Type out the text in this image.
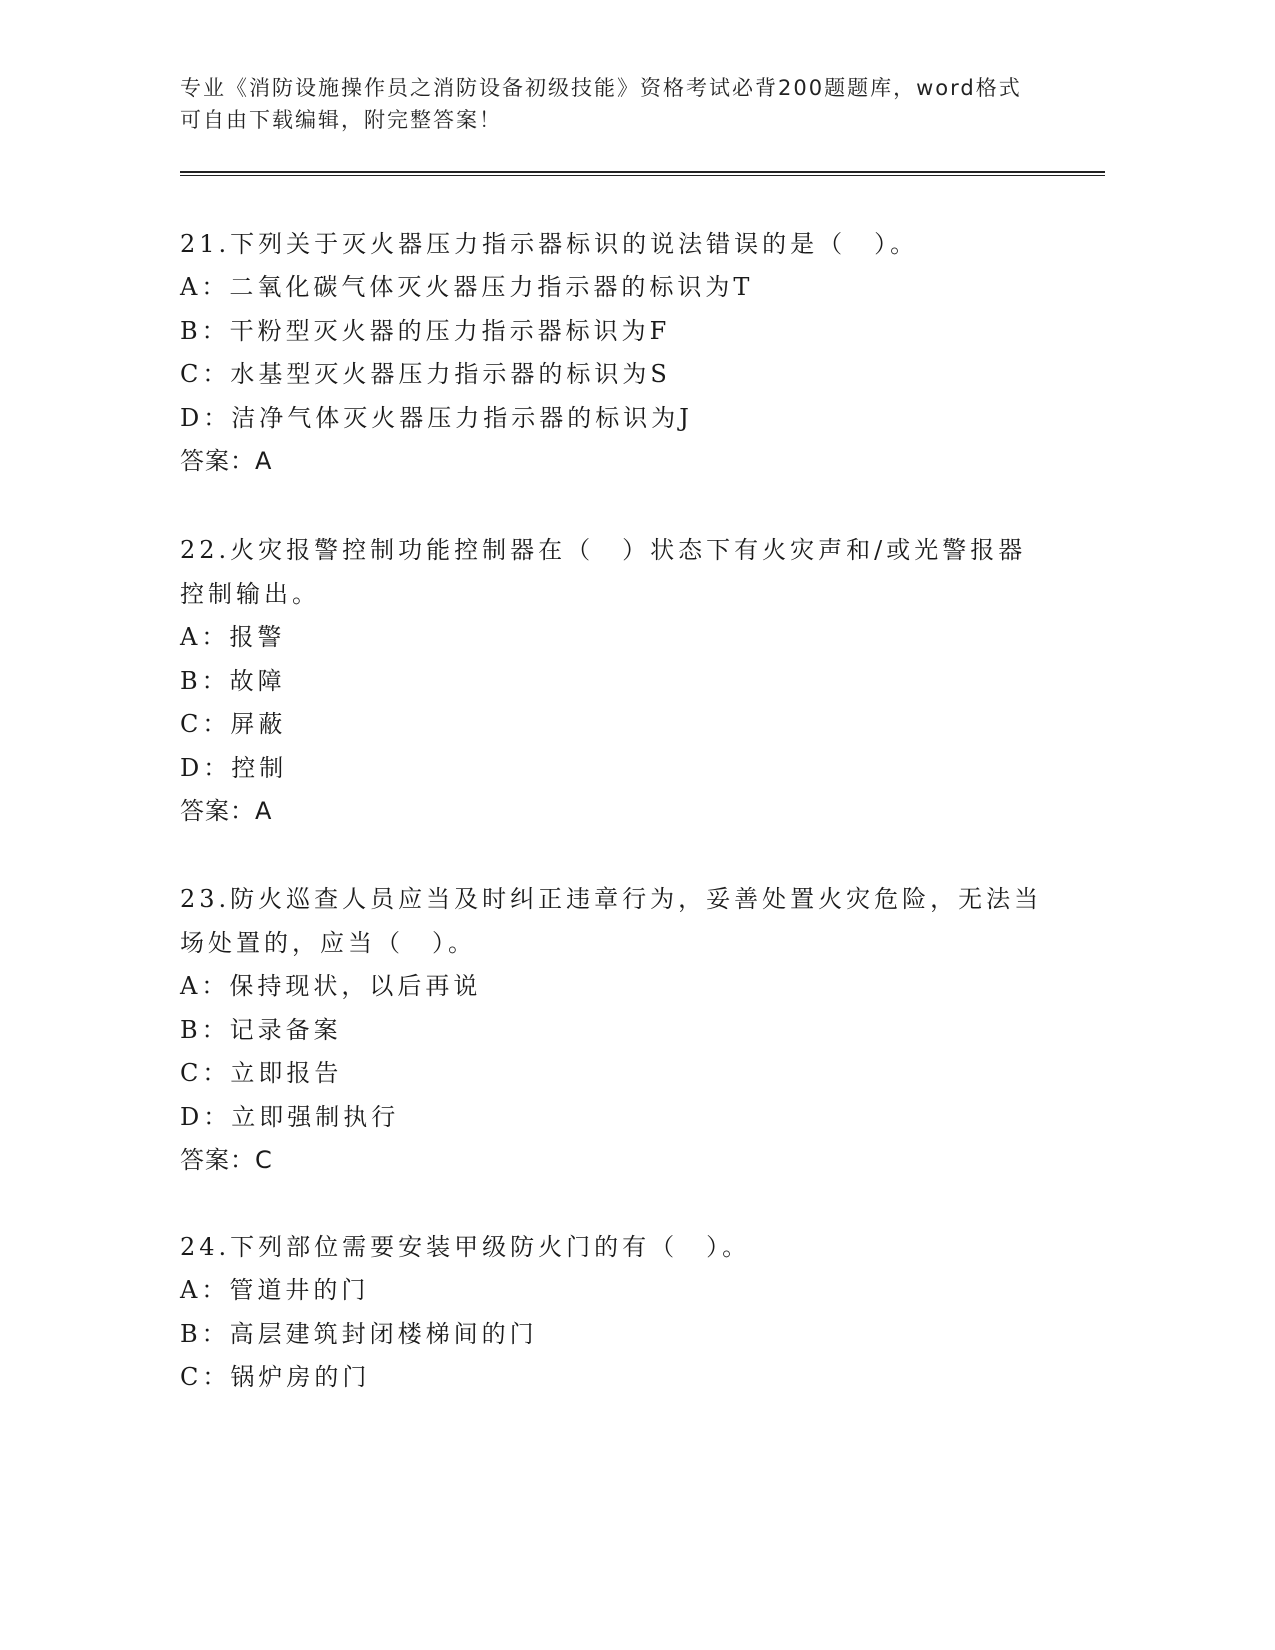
专业《消防设施操作员之消防设备初级技能》资格考试必背200题题库，word格式可自由下载编辑，附完整答案！

21.下列关于灭火器压力指示器标识的说法错误的是（　）。

A：二氧化碳气体灭火器压力指示器的标识为T

B：干粉型灭火器的压力指示器标识为F

C：水基型灭火器压力指示器的标识为S

D：洁净气体灭火器压力指示器的标识为J

答案：A

22.火灾报警控制功能控制器在（　）状态下有火灾声和/或光警报器控制输出。

A：报警

B：故障

C：屏蔽

D：控制

答案：A

23.防火巡查人员应当及时纠正违章行为，妥善处置火灾危险，无法当场处置的，应当（　）。

A：保持现状，以后再说

B：记录备案

C：立即报告

D：立即强制执行

答案：C

24.下列部位需要安装甲级防火门的有（　）。

A：管道井的门

B：高层建筑封闭楼梯间的门

C：锅炉房的门
